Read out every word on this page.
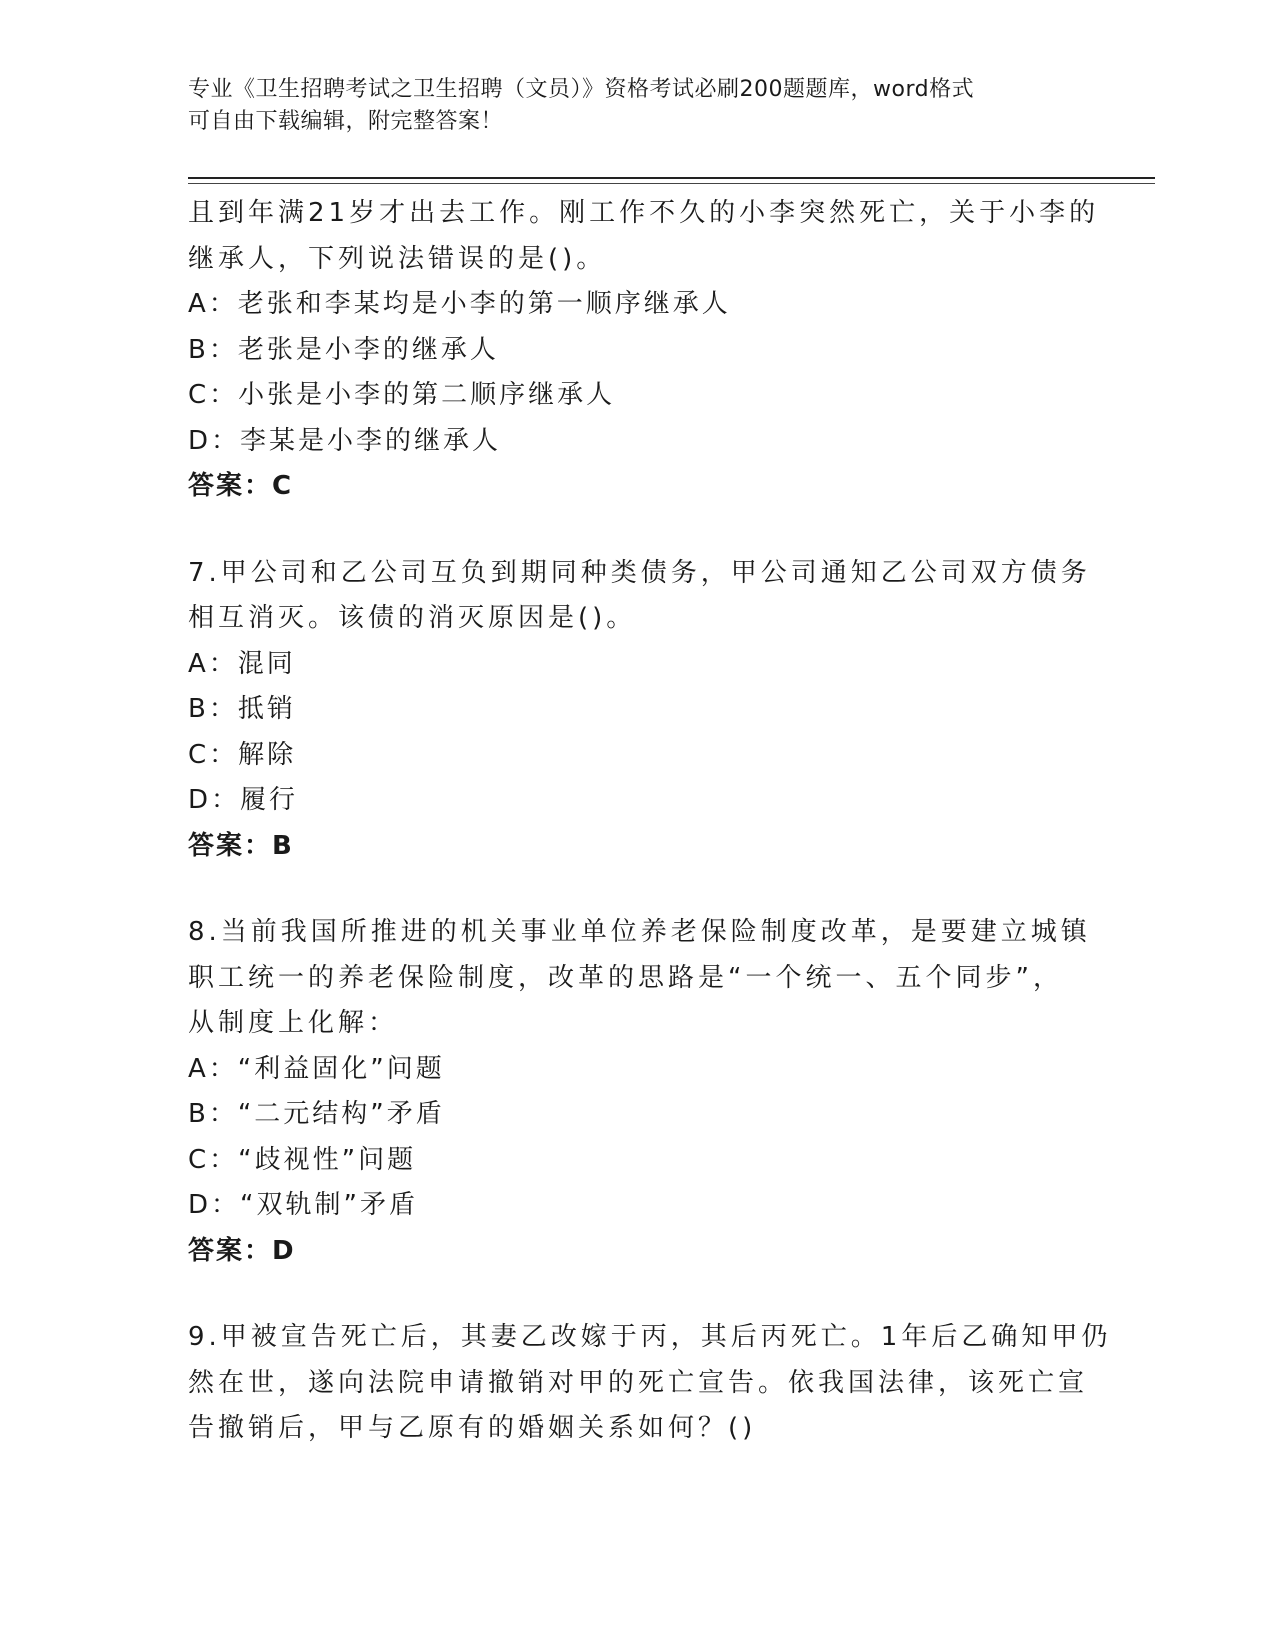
专业《卫生招聘考试之卫生招聘（文员）》资格考试必刷200题题库，word格式
可自由下载编辑，附完整答案！
且到年满21岁才出去工作。刚工作不久的小李突然死亡，关于小李的
继承人，下列说法错误的是()。
A：老张和李某均是小李的第一顺序继承人
B：老张是小李的继承人
C：小张是小李的第二顺序继承人
D：李某是小李的继承人
答案：C
7.甲公司和乙公司互负到期同种类债务，甲公司通知乙公司双方债务
相互消灭。该债的消灭原因是()。
A：混同
B：抵销
C：解除
D：履行
答案：B
8.当前我国所推进的机关事业单位养老保险制度改革，是要建立城镇
职工统一的养老保险制度，改革的思路是“一个统一、五个同步”，
从制度上化解：
A：“利益固化”问题
B：“二元结构”矛盾
C：“歧视性”问题
D：“双轨制”矛盾
答案：D
9.甲被宣告死亡后，其妻乙改嫁于丙，其后丙死亡。1年后乙确知甲仍
然在世，遂向法院申请撤销对甲的死亡宣告。依我国法律，该死亡宣
告撤销后，甲与乙原有的婚姻关系如何？()
